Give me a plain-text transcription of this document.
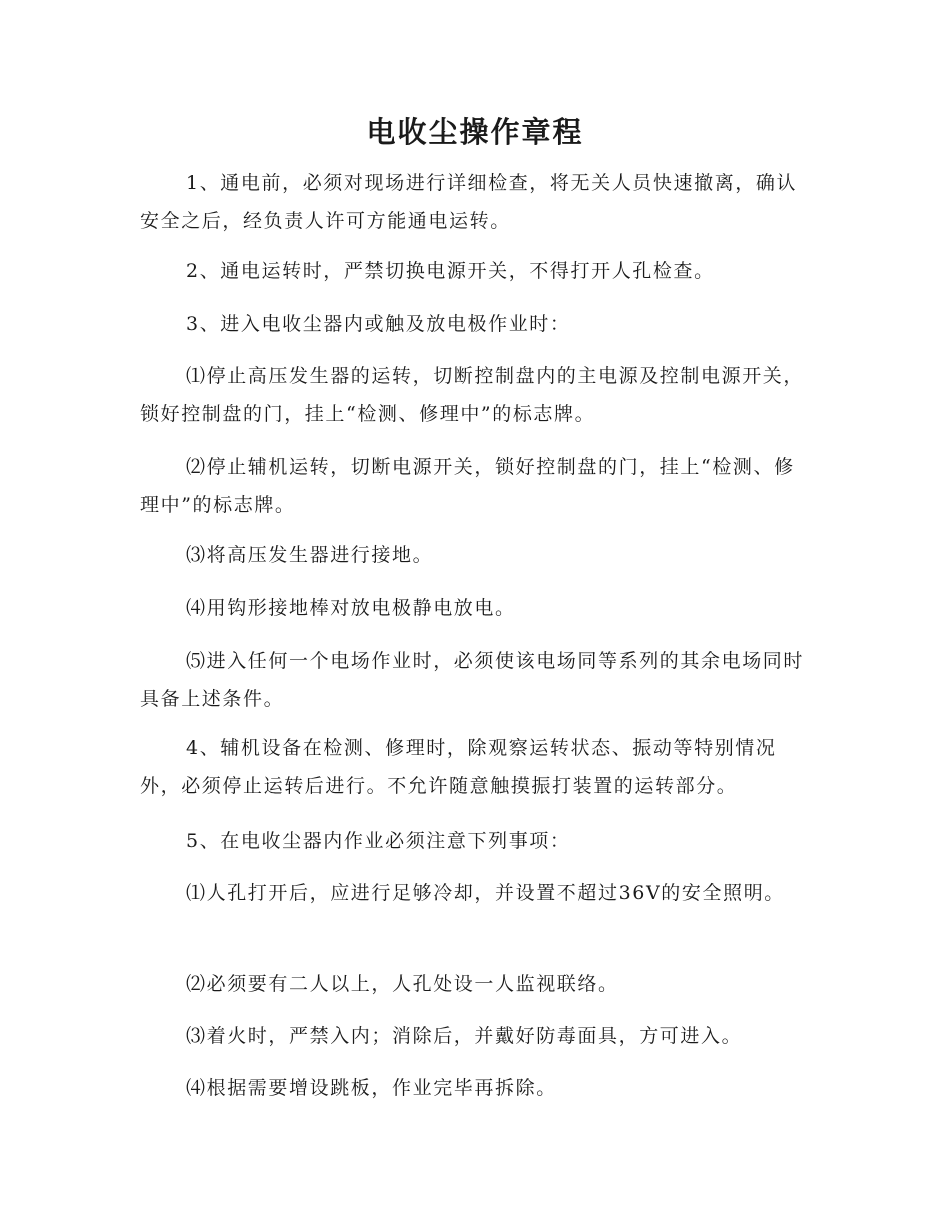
电收尘操作章程

1、通电前，必须对现场进行详细检查，将无关人员快速撤离，确认安全之后，经负责人许可方能通电运转。

2、通电运转时，严禁切换电源开关，不得打开人孔检查。

3、进入电收尘器内或触及放电极作业时：

⑴停止高压发生器的运转，切断控制盘内的主电源及控制电源开关，锁好控制盘的门，挂上“检测、修理中”的标志牌。

⑵停止辅机运转，切断电源开关，锁好控制盘的门，挂上“检测、修理中”的标志牌。

⑶将高压发生器进行接地。

⑷用钩形接地棒对放电极静电放电。

⑸进入任何一个电场作业时，必须使该电场同等系列的其余电场同时具备上述条件。

4、辅机设备在检测、修理时，除观察运转状态、振动等特别情况外，必须停止运转后进行。不允许随意触摸振打装置的运转部分。

5、在电收尘器内作业必须注意下列事项：

⑴人孔打开后，应进行足够冷却，并设置不超过36V的安全照明。

⑵必须要有二人以上，人孔处设一人监视联络。

⑶着火时，严禁入内；消除后，并戴好防毒面具，方可进入。

⑷根据需要增设跳板，作业完毕再拆除。
